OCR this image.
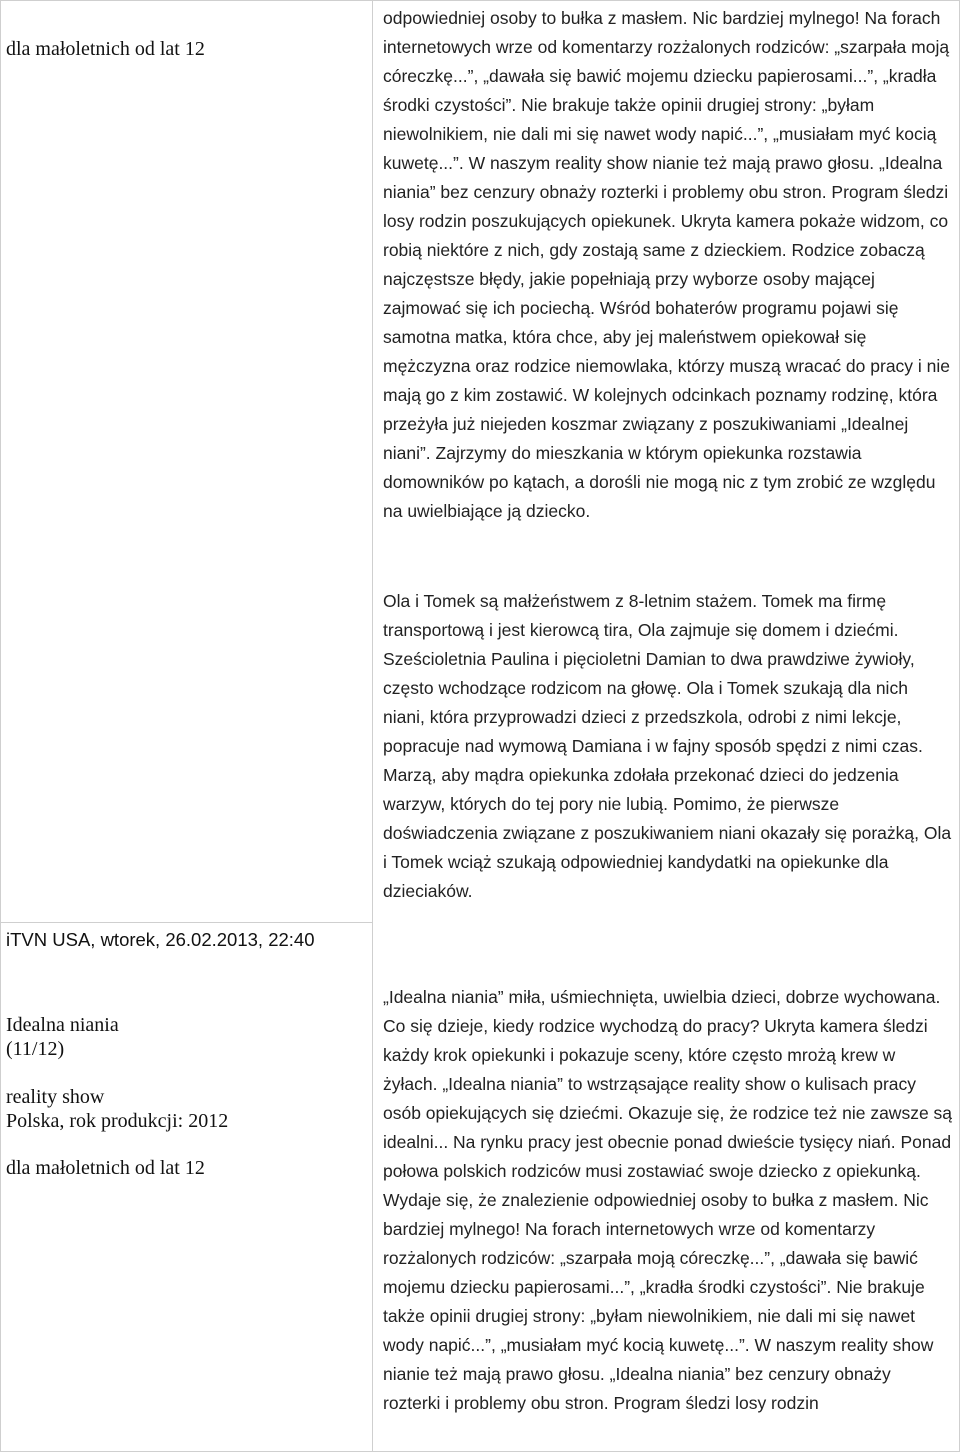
dla małoletnich od lat 12
iTVN USA, wtorek, 26.02.2013, 22:40
Idealna niania
(11/12)
reality show
Polska, rok produkcji: 2012
dla małoletnich od lat 12

odpowiedniej osoby to bułka z masłem. Nic bardziej mylnego! Na forach internetowych wrze od komentarzy rozżalonych rodziców: „szarpała moją córeczkę...”, „dawała się bawić mojemu dziecku papierosami...”, „kradła środki czystości”. Nie brakuje także opinii drugiej strony: „byłam niewolnikiem, nie dali mi się nawet wody napić...”, „musiałam myć kocią kuwetę...”. W naszym reality show nianie też mają prawo głosu. „Idealna niania” bez cenzury obnaży rozterki i problemy obu stron. Program śledzi losy rodzin poszukujących opiekunek. Ukryta kamera pokaże widzom, co robią niektóre z nich, gdy zostają same z dzieckiem. Rodzice zobaczą najczęstsze błędy, jakie popełniają przy wyborze osoby mającej zajmować się ich pociechą. Wśród bohaterów programu pojawi się samotna matka, która chce, aby jej maleństwem opiekował się mężczyzna oraz rodzice niemowlaka, którzy muszą wracać do pracy i nie mają go z kim zostawić. W kolejnych odcinkach poznamy rodzinę, która przeżyła już niejeden koszmar związany z poszukiwaniami „Idealnej niani”. Zajrzymy do mieszkania w którym opiekunka rozstawia domowników po kątach, a dorośli nie mogą nic z tym zrobić ze względu na uwielbiające ją dziecko.

Ola i Tomek są małżeństwem z 8-letnim stażem. Tomek ma firmę transportową i jest kierowcą tira, Ola zajmuje się domem i dziećmi. Sześcioletnia Paulina i pięcioletni Damian to dwa prawdziwe żywioły, często wchodzące rodzicom na głowę. Ola i Tomek szukają dla nich niani, która przyprowadzi dzieci z przedszkola, odrobi z nimi lekcje, popracuje nad wymową Damiana i w fajny sposób spędzi z nimi czas. Marzą, aby mądra opiekunka zdołała przekonać dzieci do jedzenia warzyw, których do tej pory nie lubią. Pomimo, że pierwsze doświadczenia związane z poszukiwaniem niani okazały się porażką, Ola i Tomek wciąż szukają odpowiedniej kandydatki na opiekunke dla dzieciaków.

„Idealna niania” miła, uśmiechnięta, uwielbia dzieci, dobrze wychowana. Co się dzieje, kiedy rodzice wychodzą do pracy? Ukryta kamera śledzi każdy krok opiekunki i pokazuje sceny, które często mrożą krew w żyłach. „Idealna niania” to wstrząsające reality show o kulisach pracy osób opiekujących się dziećmi. Okazuje się, że rodzice też nie zawsze są idealni... Na rynku pracy jest obecnie ponad dwieście tysięcy niań. Ponad połowa polskich rodziców musi zostawiać swoje dziecko z opiekunką. Wydaje się, że znalezienie odpowiedniej osoby to bułka z masłem. Nic bardziej mylnego! Na forach internetowych wrze od komentarzy rozżalonych rodziców: „szarpała moją córeczkę...”, „dawała się bawić mojemu dziecku papierosami...”, „kradła środki czystości”. Nie brakuje także opinii drugiej strony: „byłam niewolnikiem, nie dali mi się nawet wody napić...”, „musiałam myć kocią kuwetę...”. W naszym reality show nianie też mają prawo głosu. „Idealna niania” bez cenzury obnaży rozterki i problemy obu stron. Program śledzi losy rodzin
